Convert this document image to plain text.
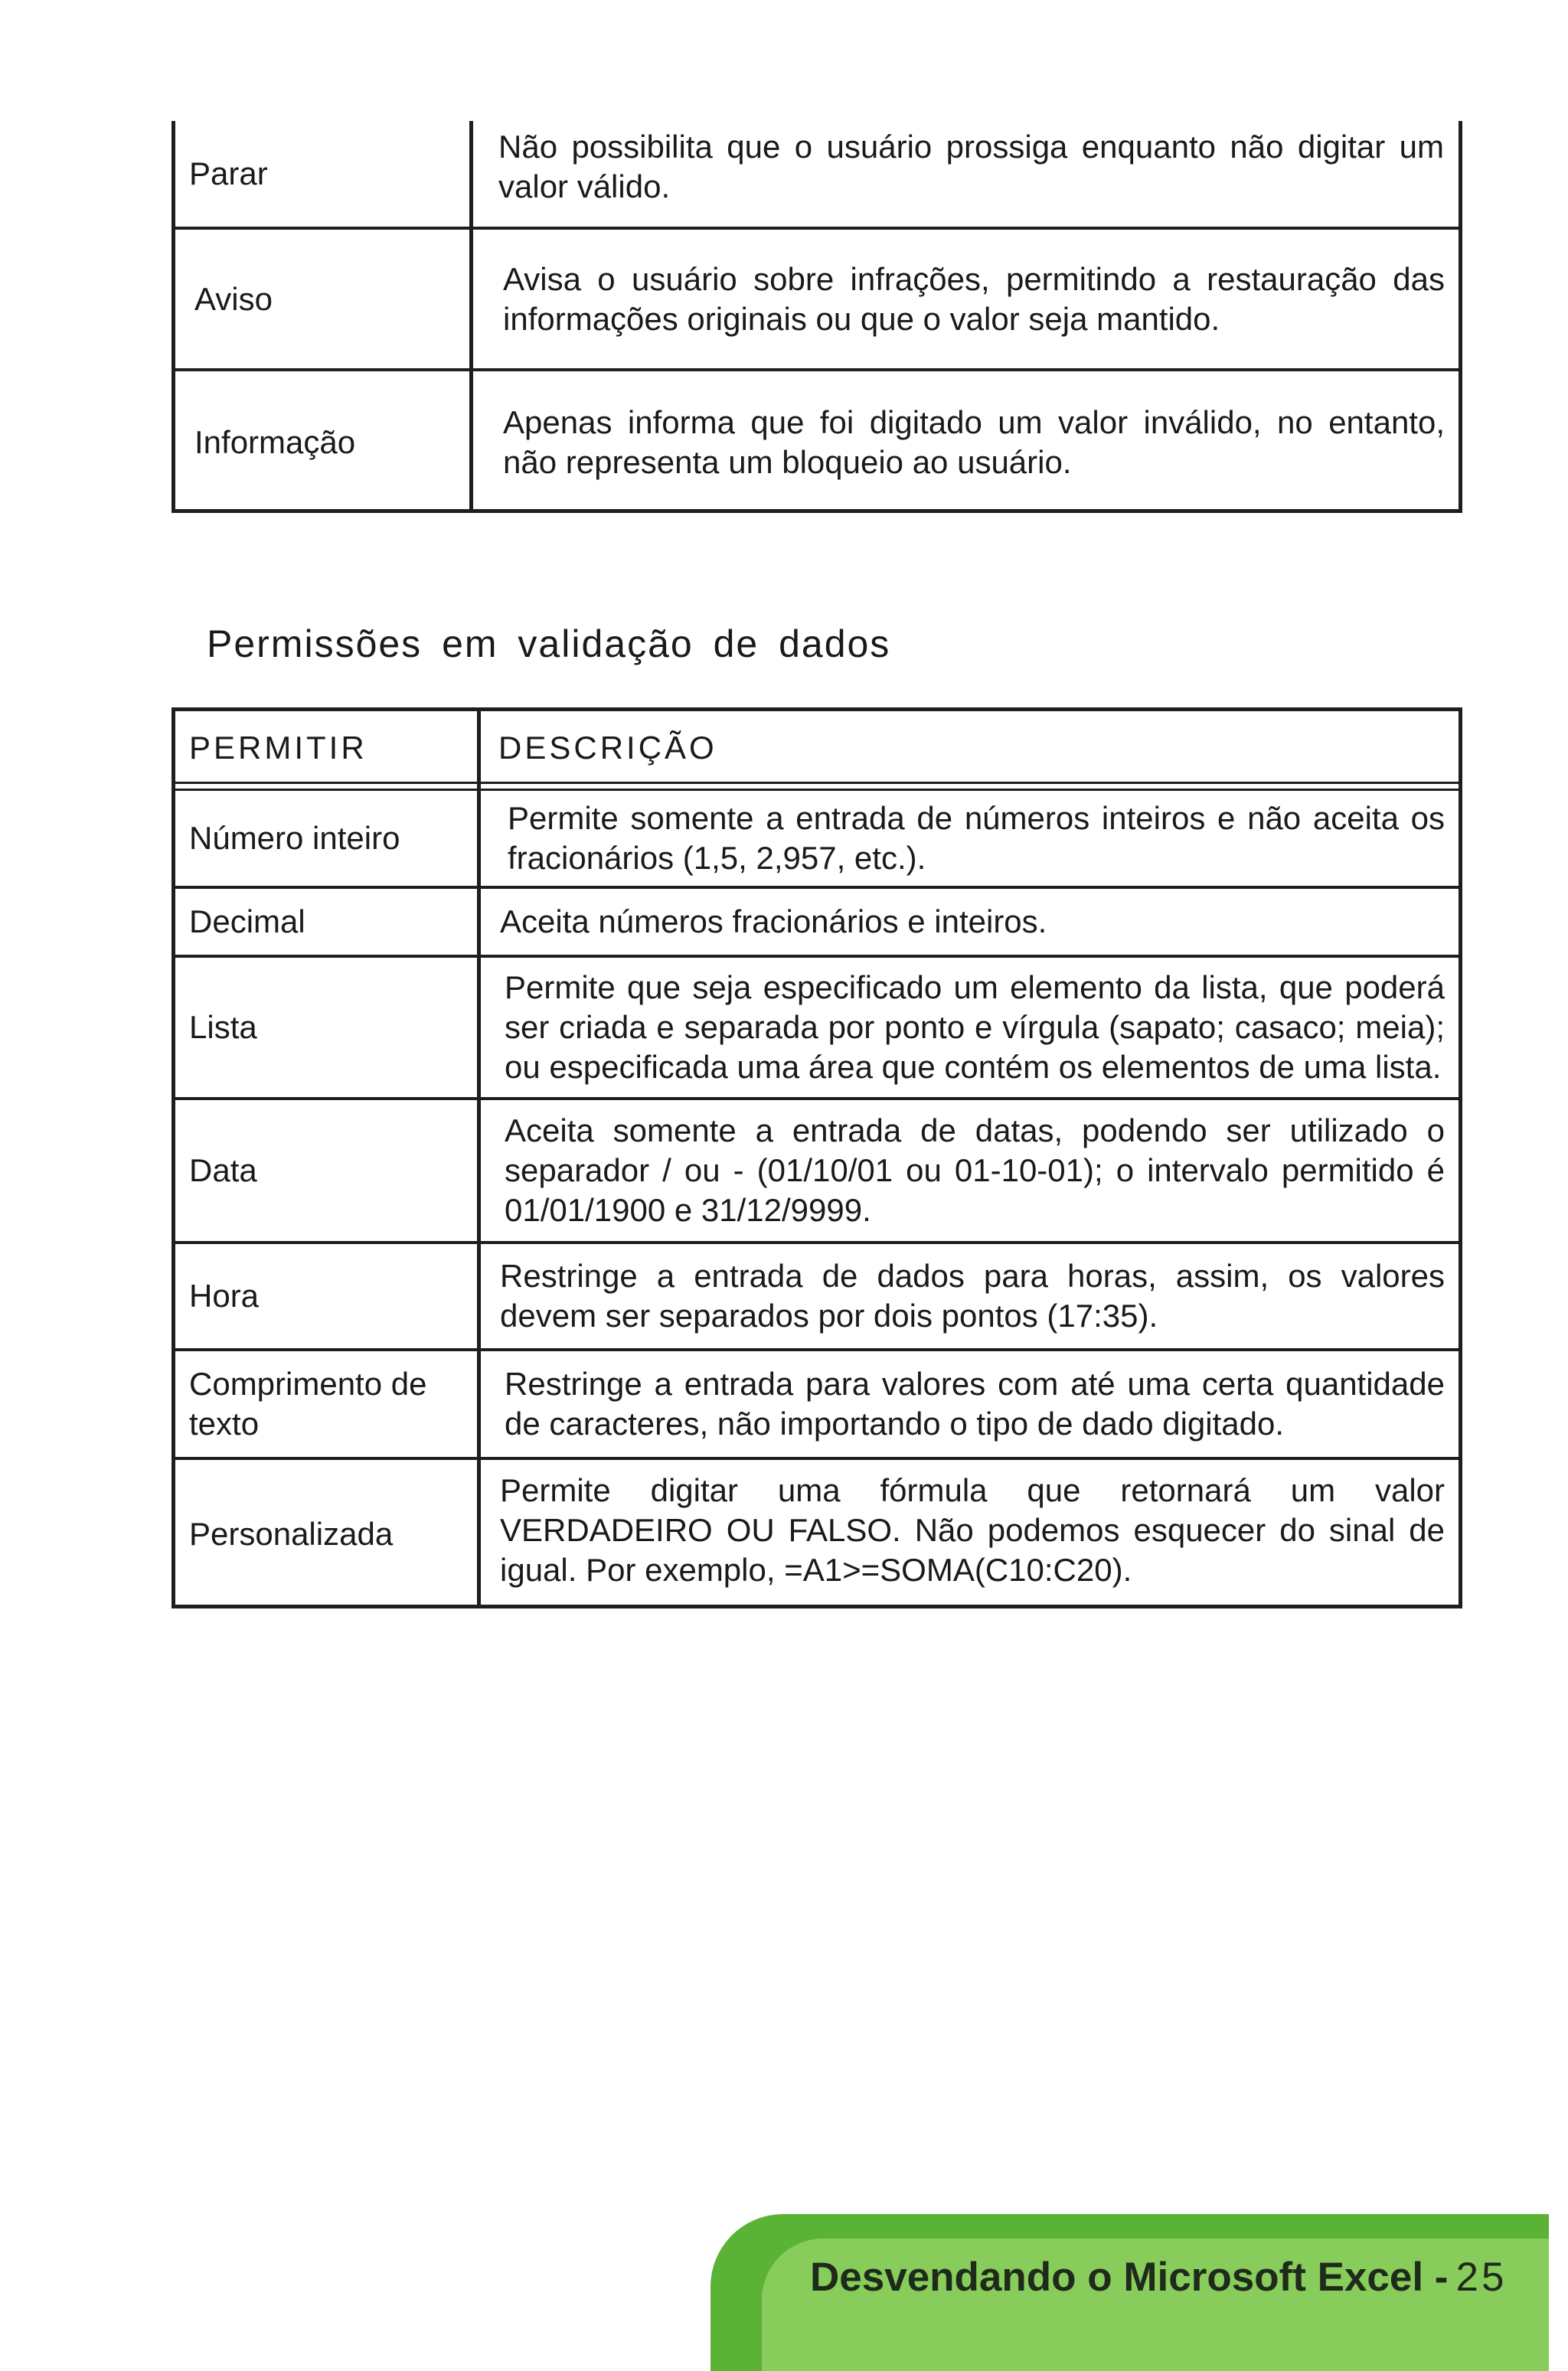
Parar
Não possibilita que o usuário prossiga enquanto não digitar um valor válido.
Aviso
Avisa o usuário sobre infrações, permitindo a restauração das informações originais ou que o valor seja mantido.
Informação
Apenas informa que foi digitado um valor inválido, no entanto, não representa um bloqueio ao usuário.
Permissões em validação de dados
PERMITIR	DESCRIÇÃO
Número inteiro
Permite somente a entrada de números inteiros e não aceita os fracionários (1,5, 2,957, etc.).
Decimal	Aceita números fracionários e inteiros.
Lista
Permite que seja especificado um elemento da lista, que poderá ser criada e separada por ponto e vírgula (sapato; casaco; meia); ou especificada uma área que contém os elementos de uma lista.
Data
Aceita somente a entrada de datas, podendo ser utilizado o separador / ou - (01/10/01 ou 01-10-01); o intervalo permitido é 01/01/1900 e 31/12/9999.
Hora
Restringe a entrada de dados para horas, assim, os valores devem ser separados por dois pontos (17:35).
Comprimento de texto
Restringe a entrada para valores com até uma certa quantidade de caracteres, não importando o tipo de dado digitado.
Personalizada
Permite digitar uma fórmula que retornará um valor VERDADEIRO OU FALSO. Não podemos esquecer do sinal de igual. Por exemplo, =A1>=SOMA(C10:C20).
Desvendando o Microsoft Excel - 25
